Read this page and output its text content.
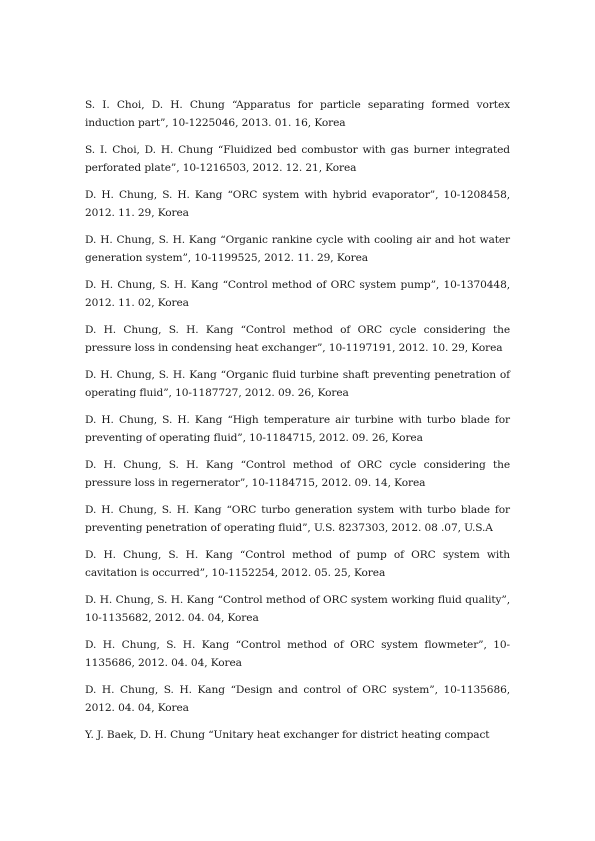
S. I. Choi, D. H. Chung “Apparatus for particle separating formed vortex induction part”, 10-1225046, 2013. 01. 16, Korea
S. I. Choi, D. H. Chung “Fluidized bed combustor with gas burner integrated perforated plate”, 10-1216503, 2012. 12. 21, Korea
D. H. Chung, S. H. Kang “ORC system with hybrid evaporator”, 10-1208458, 2012. 11. 29, Korea
D. H. Chung, S. H. Kang “Organic rankine cycle with cooling air and hot water generation system”, 10-1199525, 2012. 11. 29, Korea
D. H. Chung, S. H. Kang “Control method of ORC system pump”, 10-1370448, 2012. 11. 02, Korea
D. H. Chung, S. H. Kang “Control method of ORC cycle considering the pressure loss in condensing heat exchanger”, 10-1197191, 2012. 10. 29, Korea
D. H. Chung, S. H. Kang “Organic fluid turbine shaft preventing penetration of operating fluid”, 10-1187727, 2012. 09. 26, Korea
D. H. Chung, S. H. Kang “High temperature air turbine with turbo blade for preventing of operating fluid”, 10-1184715, 2012. 09. 26, Korea
D. H. Chung, S. H. Kang “Control method of ORC cycle considering the pressure loss in regernerator”, 10-1184715, 2012. 09. 14, Korea
D. H. Chung, S. H. Kang “ORC turbo generation system with turbo blade for preventing penetration of operating fluid”, U.S. 8237303, 2012. 08 .07, U.S.A
D. H. Chung, S. H. Kang “Control method of pump of ORC system with cavitation is occurred”, 10-1152254, 2012. 05. 25, Korea
D. H. Chung, S. H. Kang “Control method of ORC system working fluid quality”, 10-1135682, 2012. 04. 04, Korea
D. H. Chung, S. H. Kang “Control method of ORC system flowmeter”, 10-1135686, 2012. 04. 04, Korea
D. H. Chung, S. H. Kang “Design and control of ORC system”, 10-1135686, 2012. 04. 04, Korea
Y. J. Baek, D. H. Chung “Unitary heat exchanger for district heating compact
